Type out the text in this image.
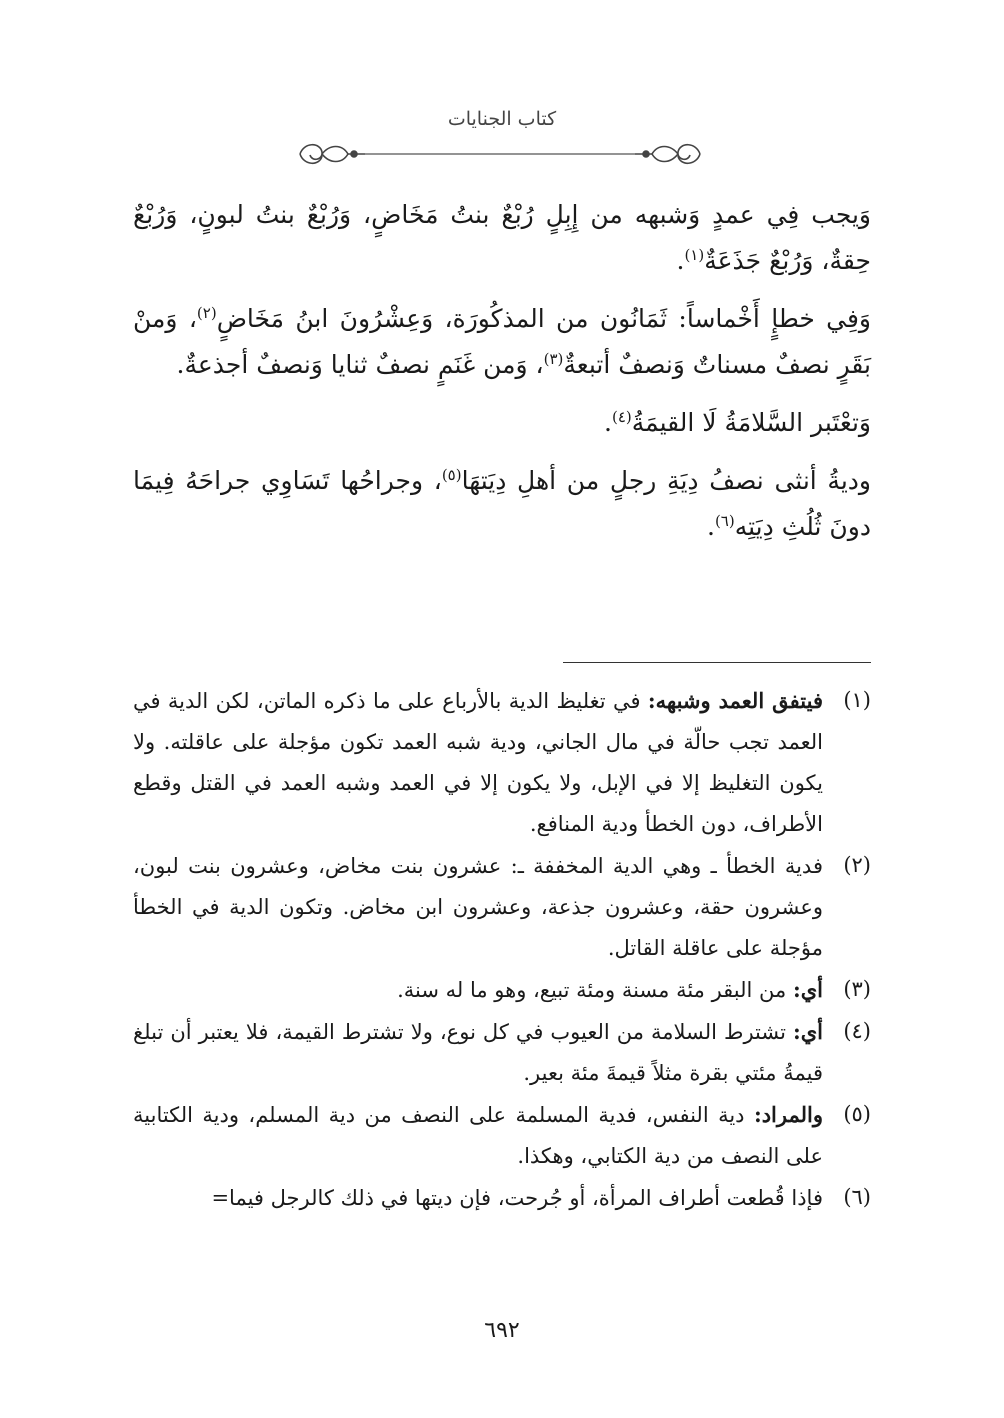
كتاب الجنايات

وَيجب فِي عمدٍ وَشبهه من إِبِلٍ رُبْعٌ بنتُ مَخَاضٍ، وَرُبْعٌ بنتُ لبونٍ، وَرُبْعٌ حِقةٌ، وَرُبْعٌ جَذَعَةٌ$^{(١)}$.

وَفِي خطإٍ أَخْماساً: ثَمَانُون من المذكُورَة، وَعِشْرُونَ ابنُ مَخَاضٍ$^{(٢)}$، وَمنْ بَقَرٍ نصفٌ مسناتٌ وَنصفٌ أتبعةٌ$^{(٣)}$، وَمن غَنَمٍ نصفٌ ثنايا وَنصفٌ أجذعةٌ.

وَتعْتَبر السَّلامَةُ لَا القيمَةُ$^{(٤)}$.

وديةُ أنثى نصفُ دِيَةِ رجلٍ من أهلِ دِيَتهَا$^{(٥)}$، وجراحُها تَسَاوِي جراحَهُ فِيمَا دونَ ثُلُثِ دِيَتِه$^{(٦)}$.

(١)
فيتفق العمد وشبهه: في تغليظ الدية بالأرباع على ما ذكره الماتن، لكن الدية في العمد تجب حالّة في مال الجاني، ودية شبه العمد تكون مؤجلة على عاقلته. ولا يكون التغليظ إلا في الإبل، ولا يكون إلا في العمد وشبه العمد في القتل وقطع الأطراف، دون الخطأ ودية المنافع.
(٢)
فدية الخطأ ـ وهي الدية المخففة ـ: عشرون بنت مخاض، وعشرون بنت لبون، وعشرون حقة، وعشرون جذعة، وعشرون ابن مخاض. وتكون الدية في الخطأ مؤجلة على عاقلة القاتل.
(٣)
أي: من البقر مئة مسنة ومئة تبيع، وهو ما له سنة.
(٤)
أي: تشترط السلامة من العيوب في كل نوع، ولا تشترط القيمة، فلا يعتبر أن تبلغ قيمةُ مئتي بقرة مثلاً قيمةَ مئة بعير.
(٥)
والمراد: دية النفس، فدية المسلمة على النصف من دية المسلم، ودية الكتابية على النصف من دية الكتابي، وهكذا.
(٦)
فإذا قُطعت أطراف المرأة، أو جُرحت، فإن ديتها في ذلك كالرجل فيما=
٦٩٢
